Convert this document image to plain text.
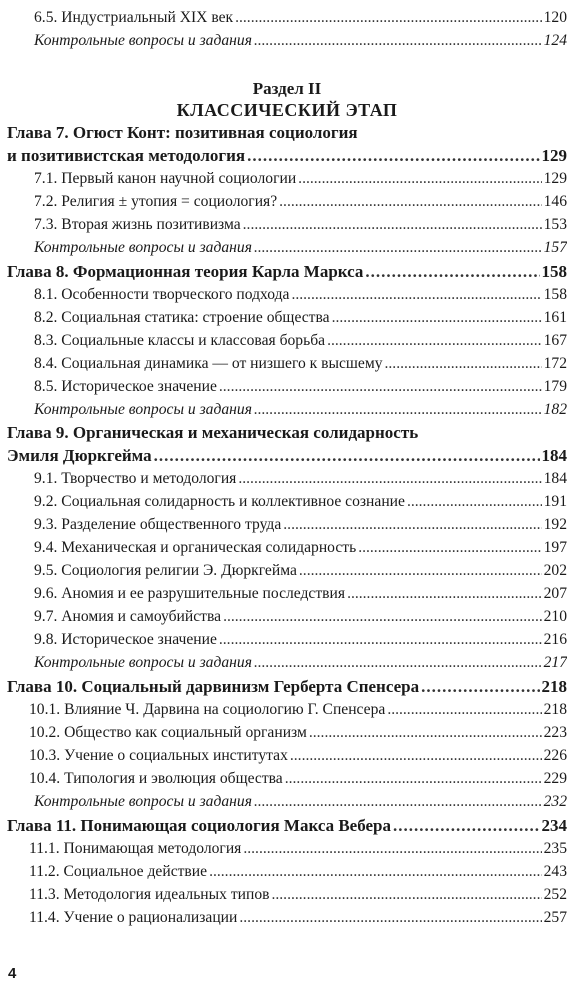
6.5. Индустриальный XIX век .....	120
Контрольные вопросы и задания .....	124
Раздел II
КЛАССИЧЕСКИЙ ЭТАП
Глава 7. Огюст Конт: позитивная социология
и позитивистская методология .....	129
7.1. Первый канон научной социологии .....	129
7.2. Религия ± утопия = социология? .....	146
7.3. Вторая жизнь позитивизма .....	153
Контрольные вопросы и задания .....	157
Глава 8. Формационная теория Карла Маркса .....	158
8.1. Особенности творческого подхода .....	158
8.2. Социальная статика: строение общества .....	161
8.3. Социальные классы и классовая борьба .....	167
8.4. Социальная динамика — от низшего к высшему .....	172
8.5. Историческое значение .....	179
Контрольные вопросы и задания .....	182
Глава 9. Органическая и механическая солидарность
Эмиля Дюркгейма .....	184
9.1. Творчество и методология .....	184
9.2. Социальная солидарность и коллективное сознание .....	191
9.3. Разделение общественного труда .....	192
9.4. Механическая и органическая солидарность .....	197
9.5. Социология религии Э. Дюркгейма .....	202
9.6. Аномия и ее разрушительные последствия .....	207
9.7. Аномия и самоубийства .....	210
9.8. Историческое значение .....	216
Контрольные вопросы и задания .....	217
Глава 10. Социальный дарвинизм Герберта Спенсера .....	218
10.1. Влияние Ч. Дарвина на социологию Г. Спенсера .....	218
10.2. Общество как социальный организм .....	223
10.3. Учение о социальных институтах .....	226
10.4. Типология и эволюция общества .....	229
Контрольные вопросы и задания .....	232
Глава 11. Понимающая социология Макса Вебера .....	234
11.1. Понимающая методология .....	235
11.2. Социальное действие .....	243
11.3. Методология идеальных типов .....	252
11.4. Учение о рационализации .....	257
4
